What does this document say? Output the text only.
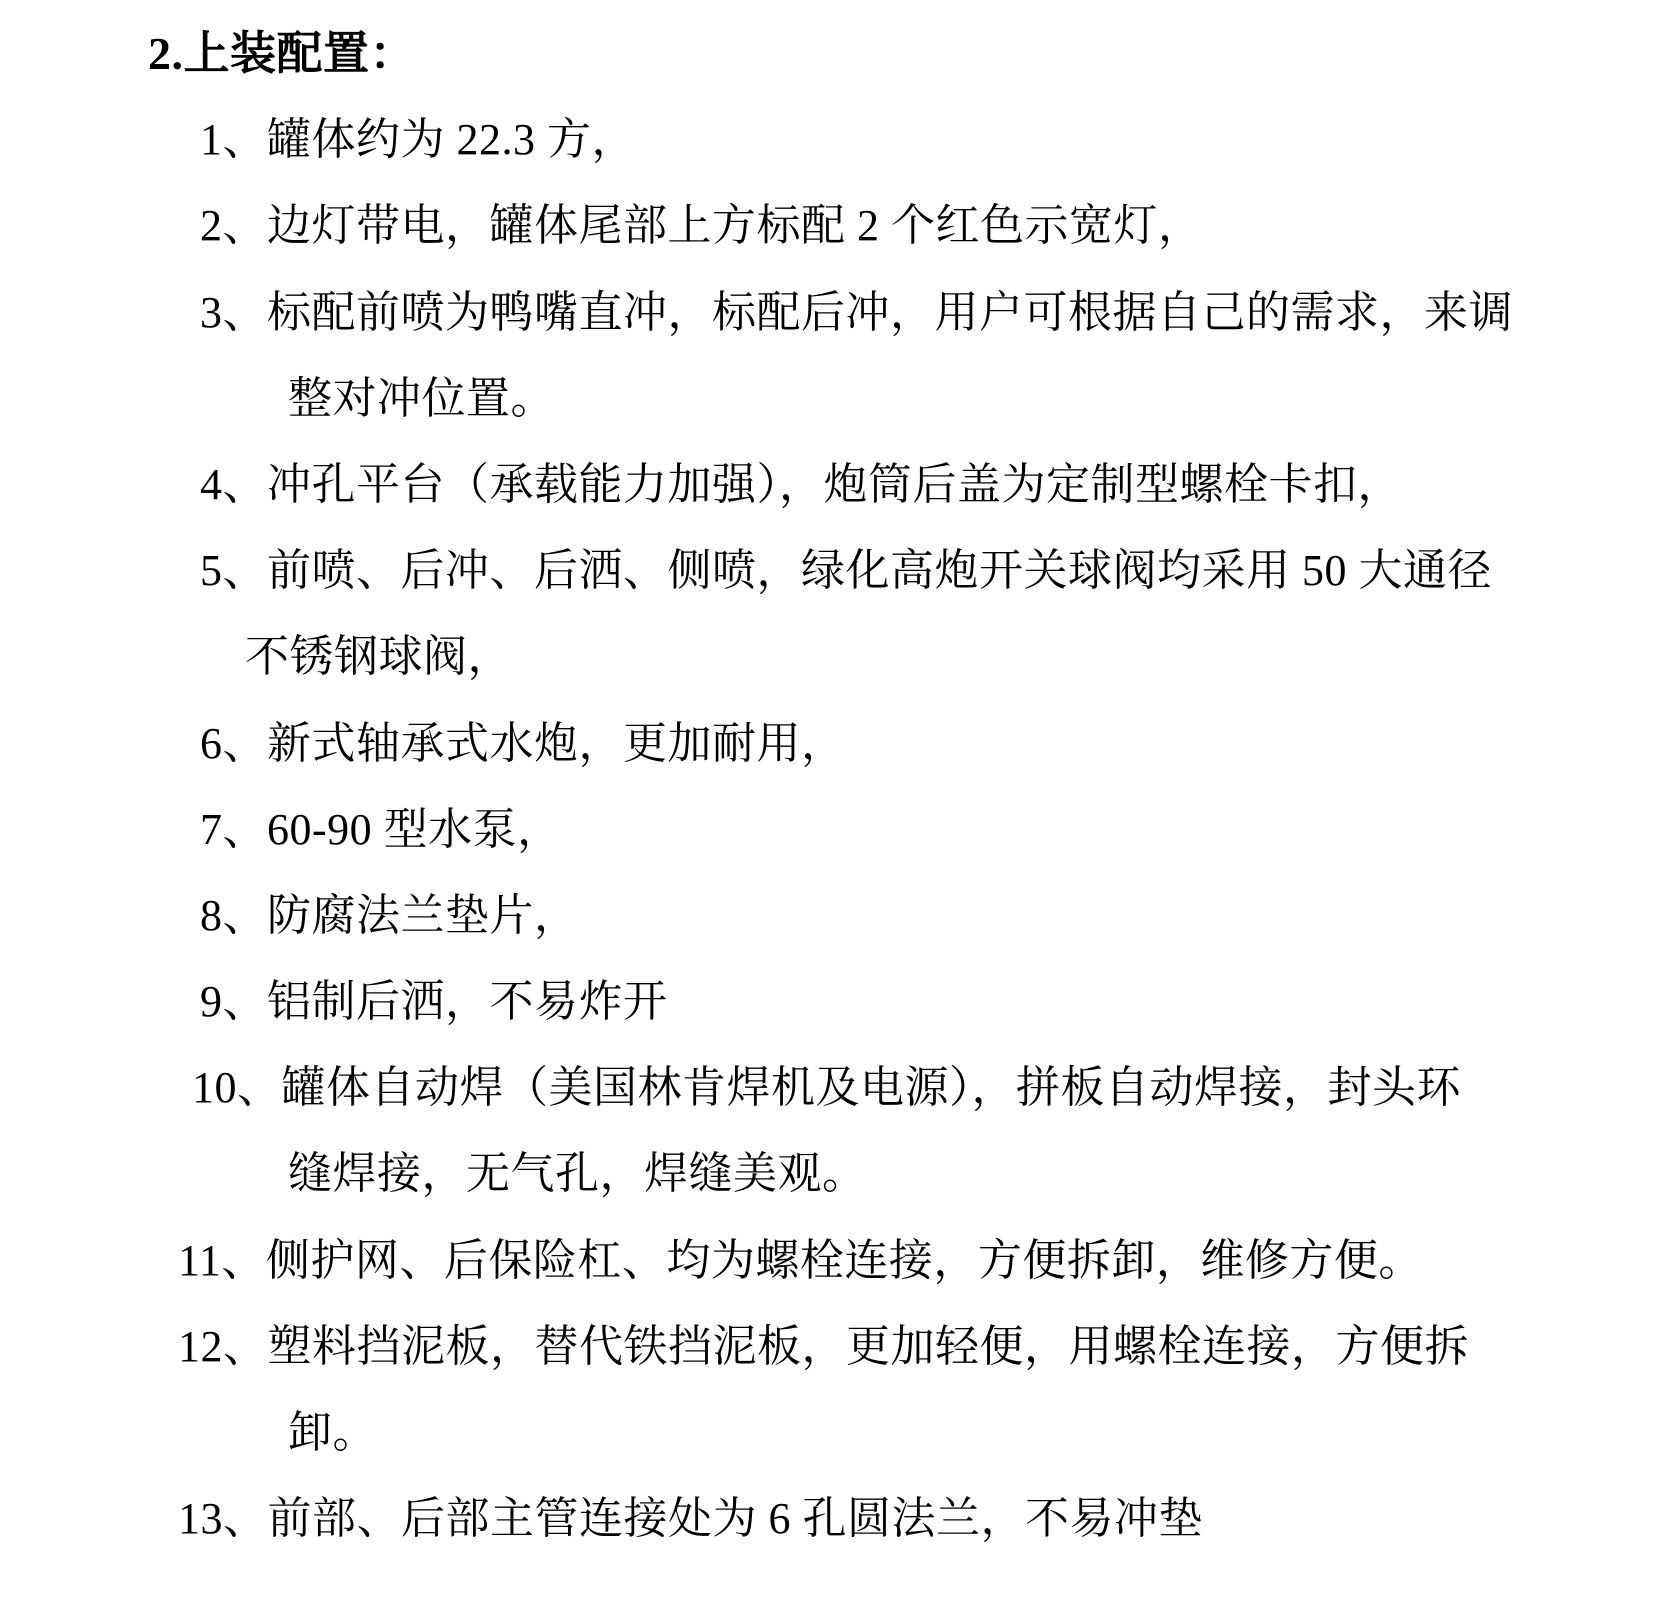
2.上装配置：
1、罐体约为 22.3 方，
2、边灯带电，罐体尾部上方标配 2 个红色示宽灯，
3、标配前喷为鸭嘴直冲，标配后冲，用户可根据自己的需求，来调
整对冲位置。
4、冲孔平台（承载能力加强），炮筒后盖为定制型螺栓卡扣，
5、前喷、后冲、后洒、侧喷，绿化高炮开关球阀均采用 50 大通径
不锈钢球阀，
6、新式轴承式水炮，更加耐用，
7、60-90 型水泵，
8、防腐法兰垫片，
9、铝制后洒，不易炸开
10、罐体自动焊（美国林肯焊机及电源），拼板自动焊接，封头环
缝焊接，无气孔，焊缝美观。
11、侧护网、后保险杠、均为螺栓连接，方便拆卸，维修方便。
12、塑料挡泥板，替代铁挡泥板，更加轻便，用螺栓连接，方便拆
卸。
13、前部、后部主管连接处为 6 孔圆法兰，不易冲垫
